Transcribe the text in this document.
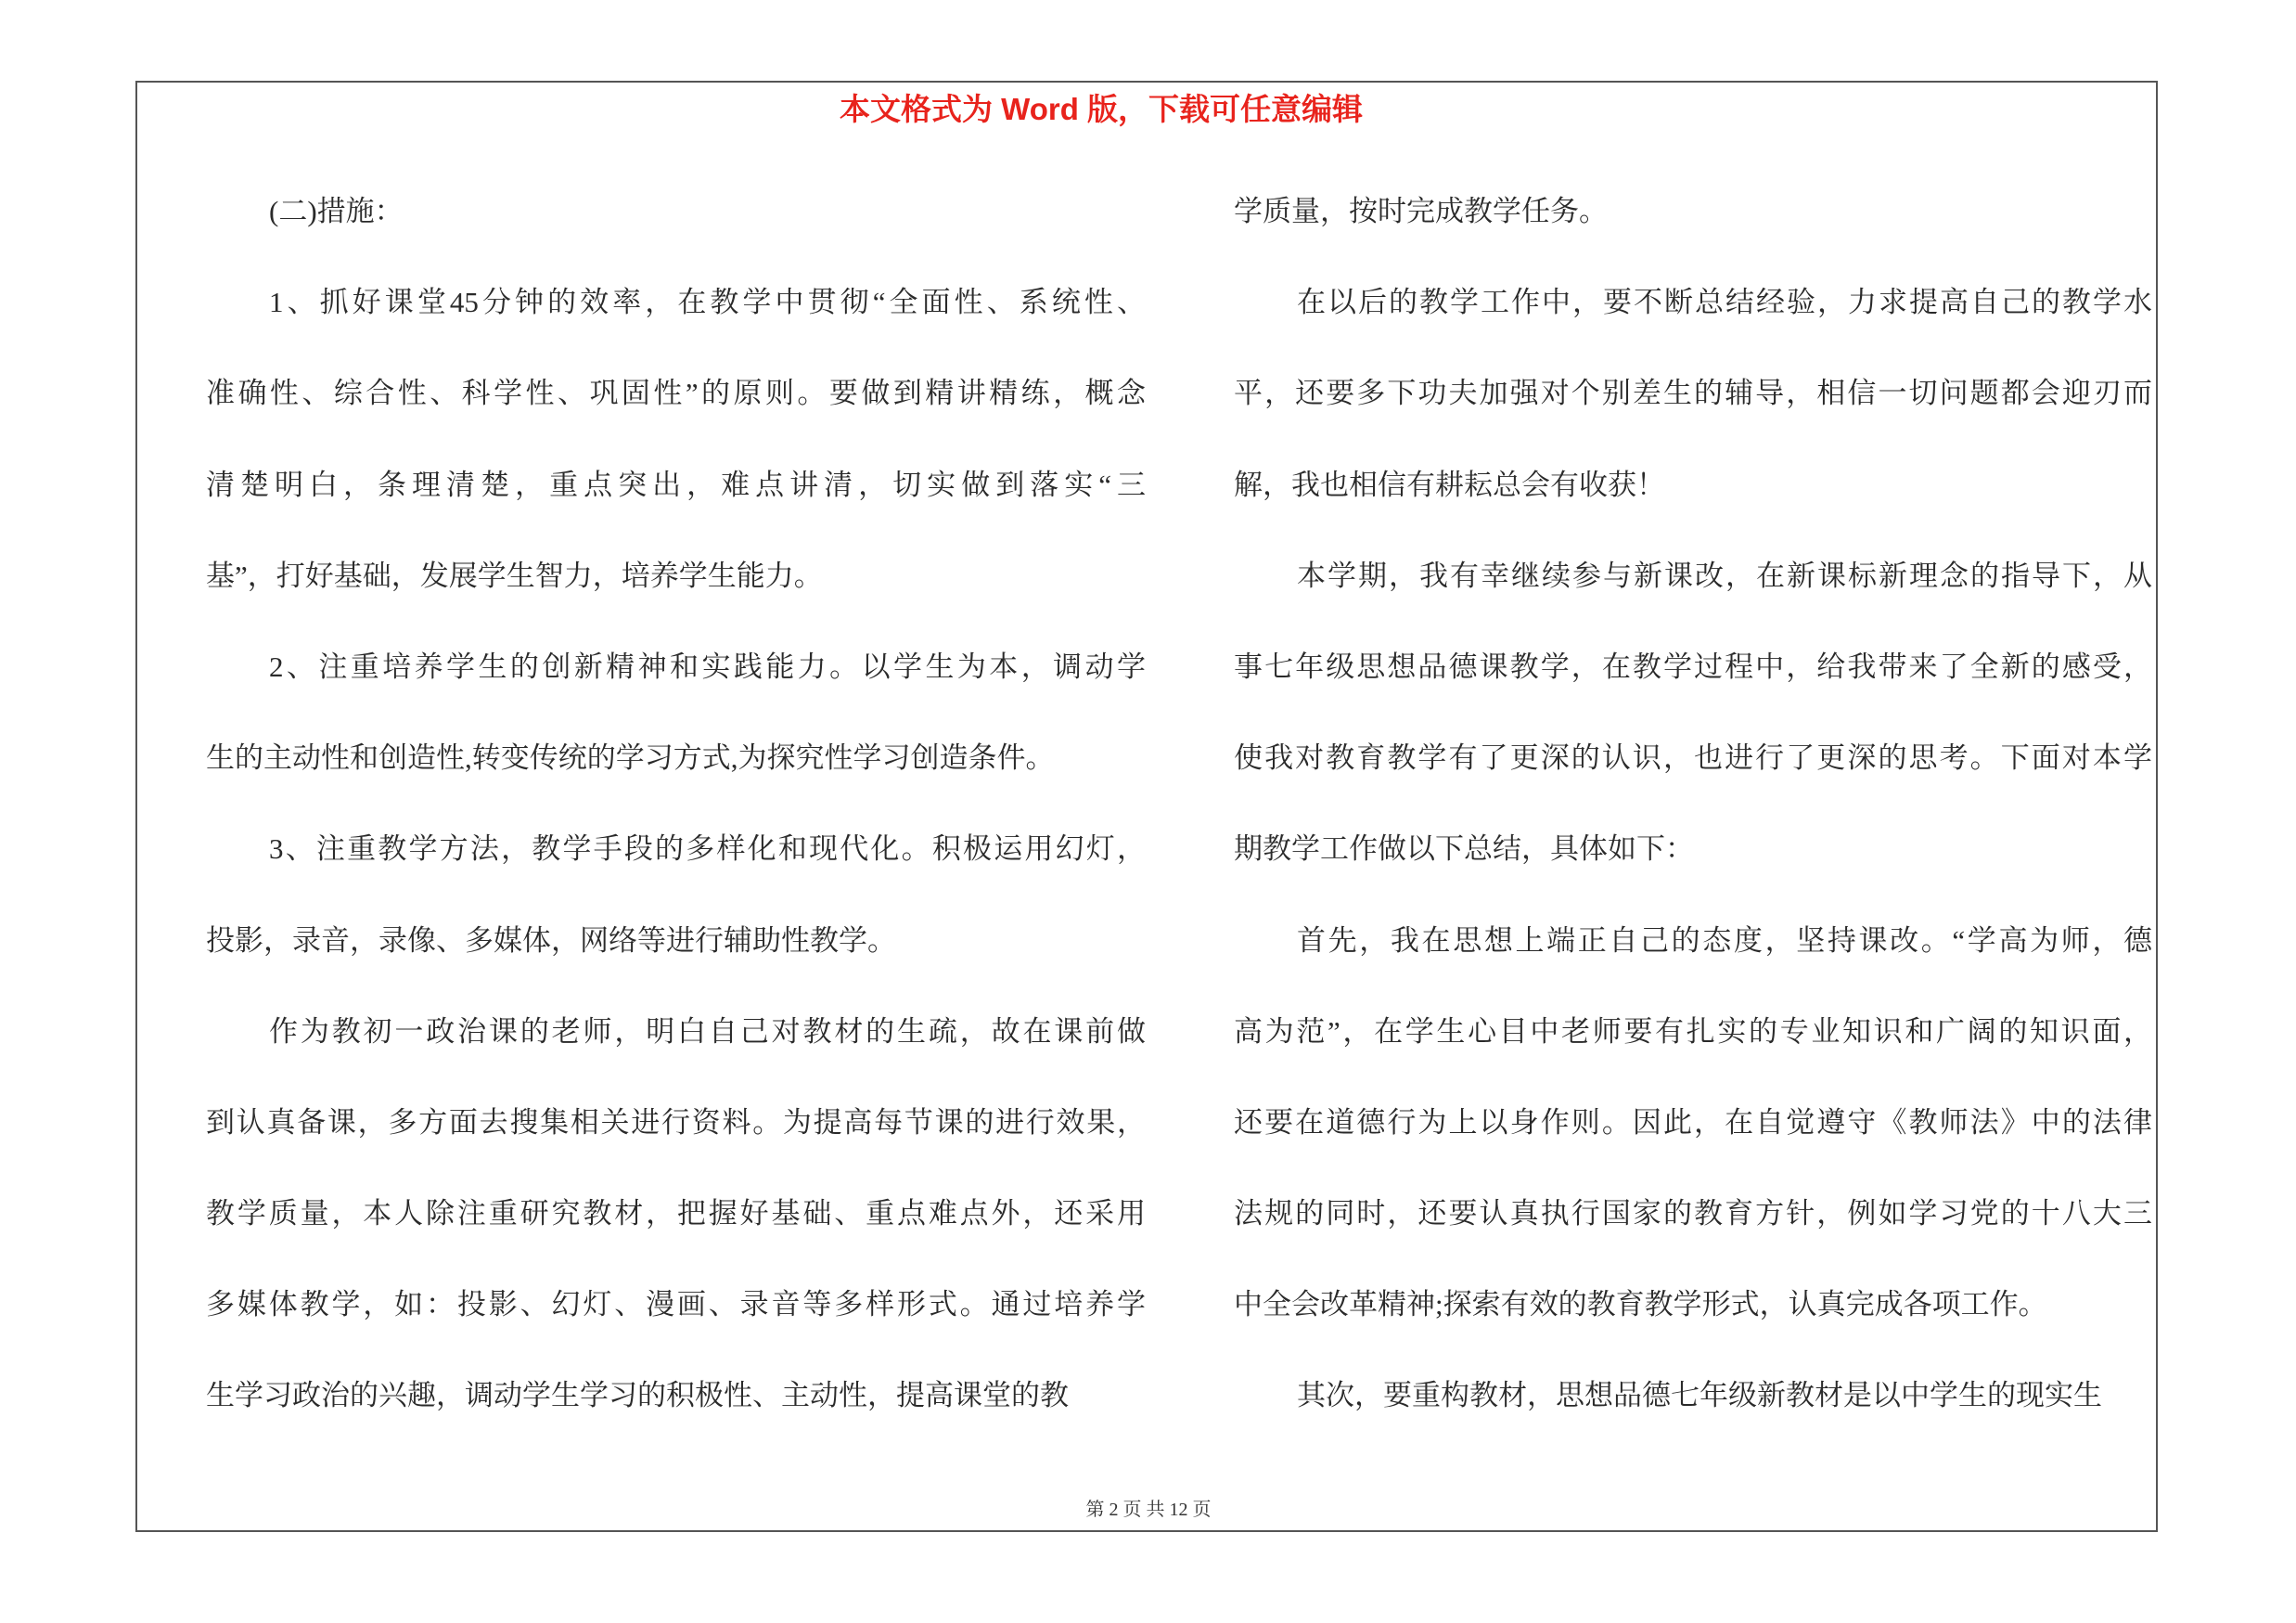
本文格式为 Word 版，下载可任意编辑
(二)措施：
1、抓好课堂45分钟的效率，在教学中贯彻“全面性、系统性、
准确性、综合性、科学性、巩固性”的原则。要做到精讲精练，概念
清楚明白，条理清楚，重点突出，难点讲清，切实做到落实“三
基”，打好基础，发展学生智力，培养学生能力。
2、注重培养学生的创新精神和实践能力。以学生为本，调动学
生的主动性和创造性,转变传统的学习方式,为探究性学习创造条件。
3、注重教学方法，教学手段的多样化和现代化。积极运用幻灯，
投影，录音，录像、多媒体，网络等进行辅助性教学。
作为教初一政治课的老师，明白自己对教材的生疏，故在课前做
到认真备课，多方面去搜集相关进行资料。为提高每节课的进行效果，
教学质量，本人除注重研究教材，把握好基础、重点难点外，还采用
多媒体教学，如：投影、幻灯、漫画、录音等多样形式。通过培养学
生学习政治的兴趣，调动学生学习的积极性、主动性，提高课堂的教
学质量，按时完成教学任务。
在以后的教学工作中，要不断总结经验，力求提高自己的教学水
平，还要多下功夫加强对个别差生的辅导，相信一切问题都会迎刃而
解，我也相信有耕耘总会有收获！
本学期，我有幸继续参与新课改，在新课标新理念的指导下，从
事七年级思想品德课教学，在教学过程中，给我带来了全新的感受，
使我对教育教学有了更深的认识，也进行了更深的思考。下面对本学
期教学工作做以下总结，具体如下：
首先，我在思想上端正自己的态度，坚持课改。“学高为师，德
高为范”，在学生心目中老师要有扎实的专业知识和广阔的知识面，
还要在道德行为上以身作则。因此，在自觉遵守《教师法》中的法律
法规的同时，还要认真执行国家的教育方针，例如学习党的十八大三
中全会改革精神;探索有效的教育教学形式，认真完成各项工作。
其次，要重构教材，思想品德七年级新教材是以中学生的现实生
第 2 页 共 12 页
